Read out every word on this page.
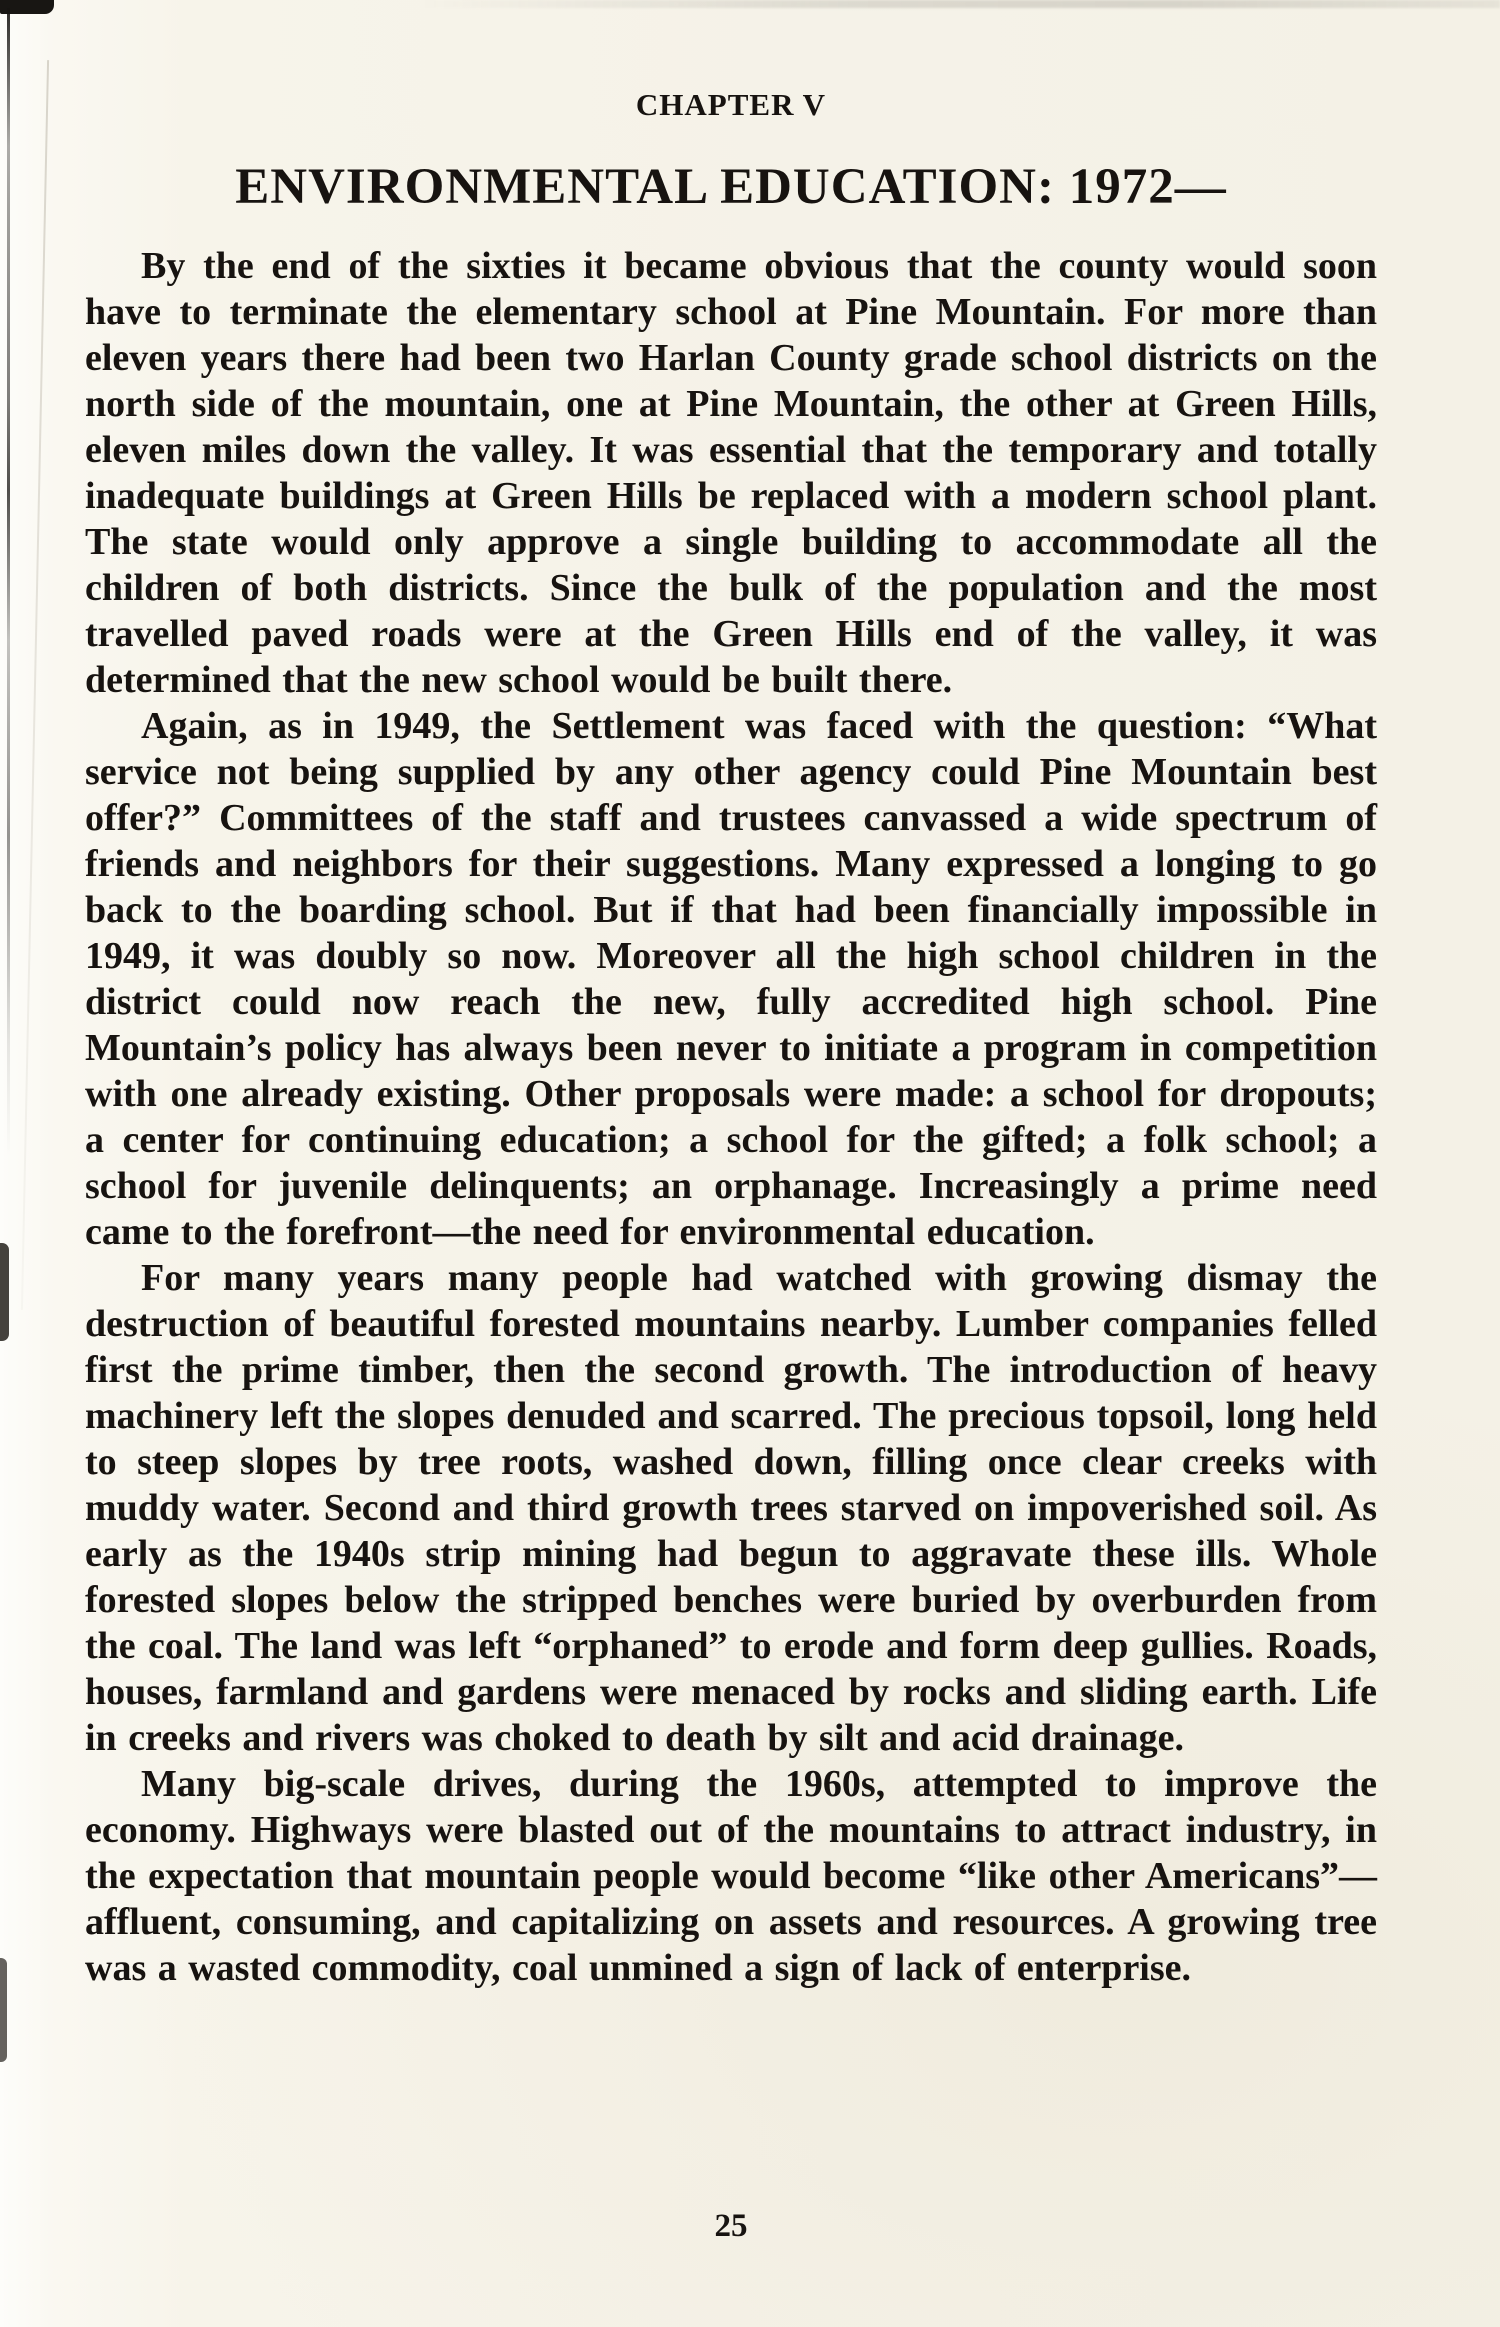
CHAPTER V
ENVIRONMENTAL EDUCATION: 1972—

By the end of the sixties it became obvious that the county would soon have to terminate the elementary school at Pine Mountain. For more than eleven years there had been two Harlan County grade school districts on the north side of the mountain, one at Pine Mountain, the other at Green Hills, eleven miles down the valley. It was essential that the temporary and totally inadequate buildings at Green Hills be replaced with a modern school plant. The state would only approve a single building to accommodate all the children of both districts. Since the bulk of the population and the most travelled paved roads were at the Green Hills end of the valley, it was determined that the new school would be built there.

Again, as in 1949, the Settlement was faced with the question: “What service not being supplied by any other agency could Pine Mountain best offer?” Committees of the staff and trustees canvassed a wide spectrum of friends and neighbors for their suggestions. Many expressed a longing to go back to the boarding school. But if that had been financially impossible in 1949, it was doubly so now. Moreover all the high school children in the district could now reach the new, fully accredited high school. Pine Mountain’s policy has always been never to initiate a program in competition with one already existing. Other proposals were made: a school for dropouts; a center for continuing education; a school for the gifted; a folk school; a school for juvenile delinquents; an orphanage. Increasingly a prime need came to the forefront—the need for environmental education.

For many years many people had watched with growing dismay the destruction of beautiful forested mountains nearby. Lumber companies felled first the prime timber, then the second growth. The introduction of heavy machinery left the slopes denuded and scarred. The precious topsoil, long held to steep slopes by tree roots, washed down, filling once clear creeks with muddy water. Second and third growth trees starved on impoverished soil. As early as the 1940s strip mining had begun to aggravate these ills. Whole forested slopes below the stripped benches were buried by overburden from the coal. The land was left “orphaned” to erode and form deep gullies. Roads, houses, farmland and gardens were menaced by rocks and sliding earth. Life in creeks and rivers was choked to death by silt and acid drainage.

Many big-scale drives, during the 1960s, attempted to improve the economy. Highways were blasted out of the mountains to attract industry, in the expectation that mountain people would become “like other Americans”—affluent, consuming, and capitalizing on assets and resources. A growing tree was a wasted commodity, coal unmined a sign of lack of enterprise.

25
